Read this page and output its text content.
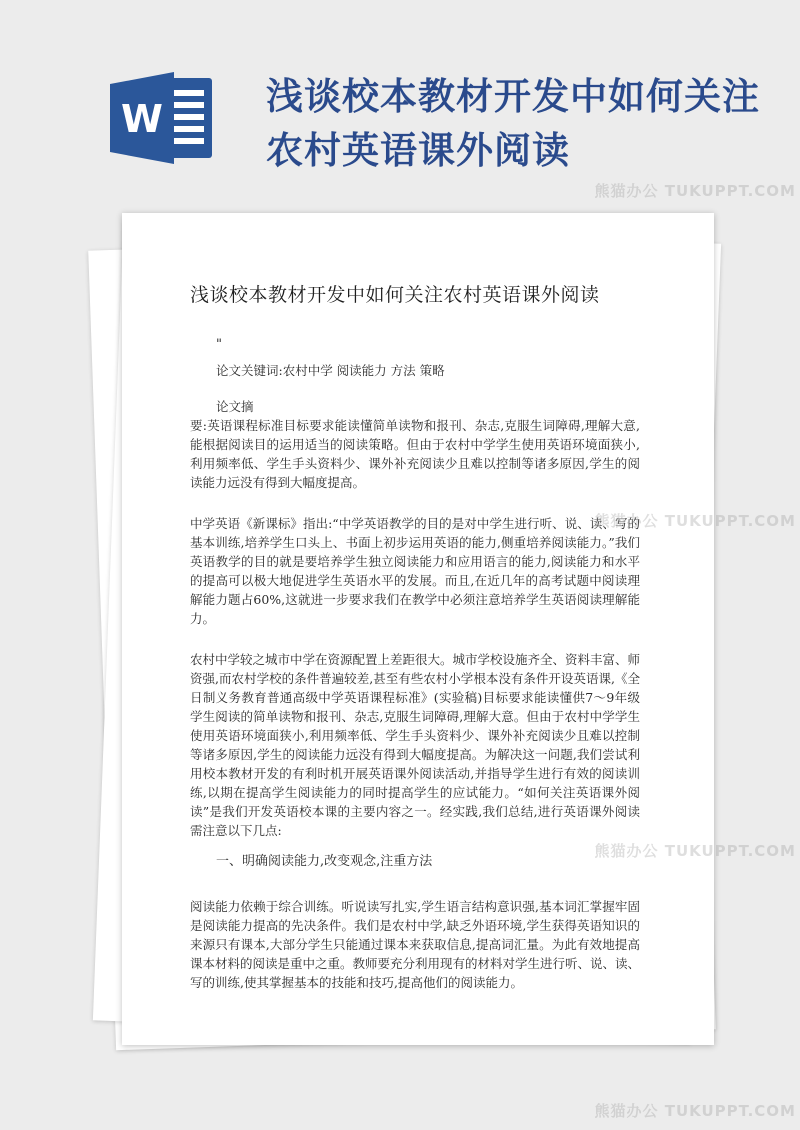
W
浅谈校本教材开发中如何关注
农村英语课外阅读
浅谈校本教材开发中如何关注农村英语课外阅读
"

论文关键词:农村中学 阅读能力 方法 策略

论文摘

要:英语课程标准目标要求能读懂简单读物和报刊、杂志,克服生词障碍,理解大意,能根据阅读目的运用适当的阅读策略。但由于农村中学学生使用英语环境面狭小,利用频率低、学生手头资料少、课外补充阅读少且难以控制等诸多原因,学生的阅读能力远没有得到大幅度提高。

中学英语《新课标》指出:“中学英语教学的目的是对中学生进行听、说、读、写的基本训练,培养学生口头上、书面上初步运用英语的能力,侧重培养阅读能力。”我们英语教学的目的就是要培养学生独立阅读能力和应用语言的能力,阅读能力和水平的提高可以极大地促进学生英语水平的发展。而且,在近几年的高考试题中阅读理解能力题占60%,这就进一步要求我们在教学中必须注意培养学生英语阅读理解能力。

农村中学较之城市中学在资源配置上差距很大。城市学校设施齐全、资料丰富、师资强,而农村学校的条件普遍较差,甚至有些农村小学根本没有条件开设英语课,《全日制义务教育普通高级中学英语课程标准》(实验稿)目标要求能读懂供7～9年级学生阅读的简单读物和报刊、杂志,克服生词障碍,理解大意。但由于农村中学学生使用英语环境面狭小,利用频率低、学生手头资料少、课外补充阅读少且难以控制等诸多原因,学生的阅读能力远没有得到大幅度提高。为解决这一问题,我们尝试利用校本教材开发的有利时机开展英语课外阅读活动,并指导学生进行有效的阅读训练,以期在提高学生阅读能力的同时提高学生的应试能力。“如何关注英语课外阅读”是我们开发英语校本课的主要内容之一。经实践,我们总结,进行英语课外阅读需注意以下几点:

一、明确阅读能力,改变观念,注重方法

阅读能力依赖于综合训练。听说读写扎实,学生语言结构意识强,基本词汇掌握牢固是阅读能力提高的先决条件。我们是农村中学,缺乏外语环境,学生获得英语知识的来源只有课本,大部分学生只能通过课本来获取信息,提高词汇量。为此有效地提高课本材料的阅读是重中之重。教师要充分利用现有的材料对学生进行听、说、读、写的训练,使其掌握基本的技能和技巧,提高他们的阅读能力。

熊猫办公 TUKUPPT.COM
熊猫办公 TUKUPPT.COM
熊猫办公 TUKUPPT.COM
熊猫办公 TUKUPPT.COM
